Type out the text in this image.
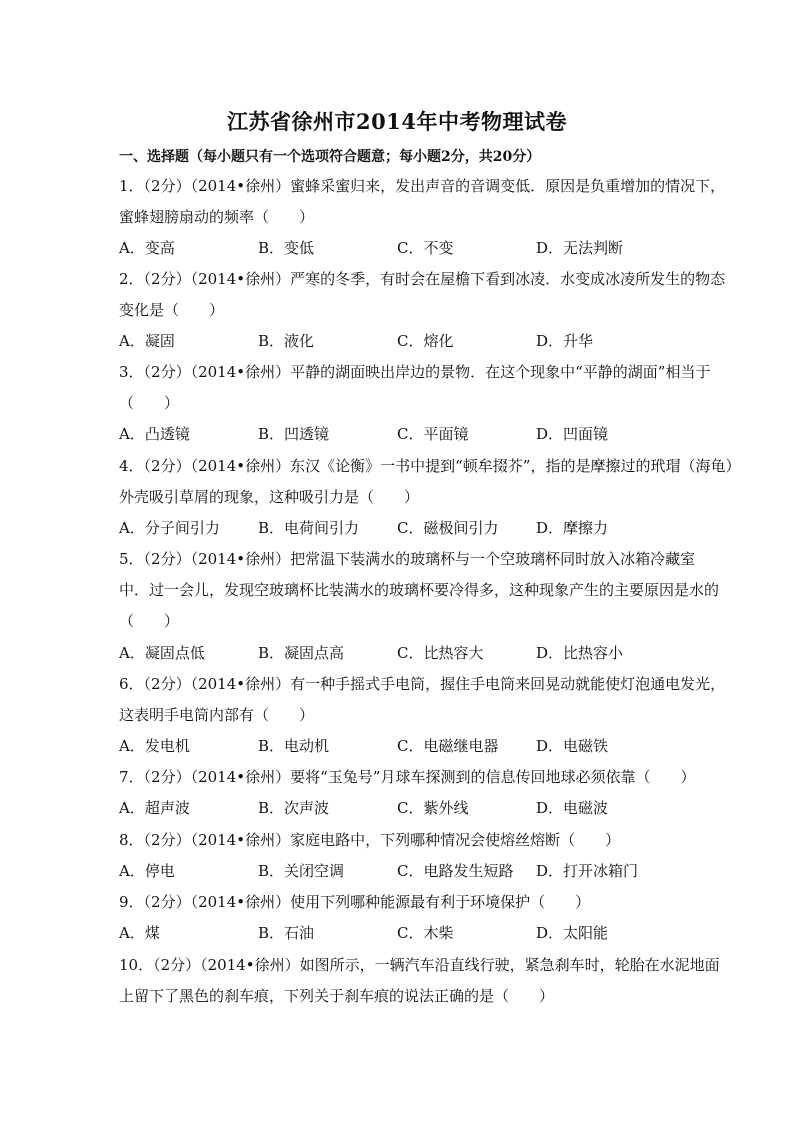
江苏省徐州市2014年中考物理试卷
一、选择题（每小题只有一个选项符合题意；每小题2分，共20分）
1．（2分）（2014•徐州）蜜蜂采蜜归来，发出声音的音调变低．原因是负重增加的情况下，
蜜蜂翅膀扇动的频率（　　）
A．变高	B．变低	C．不变	D．无法判断
2．（2分）（2014•徐州）严寒的冬季，有时会在屋檐下看到冰凌．水变成冰凌所发生的物态
变化是（　　）
A．凝固	B．液化	C．熔化	D．升华
3．（2分）（2014•徐州）平静的湖面映出岸边的景物．在这个现象中“平静的湖面”相当于
（　　）
A．凸透镜	B．凹透镜	C．平面镜	D．凹面镜
4．（2分）（2014•徐州）东汉《论衡》一书中提到“顿牟掇芥”，指的是摩擦过的玳瑁（海龟）
外壳吸引草屑的现象，这种吸引力是（　　）
A．分子间引力	B．电荷间引力	C．磁极间引力	D．摩擦力
5．（2分）（2014•徐州）把常温下装满水的玻璃杯与一个空玻璃杯同时放入冰箱冷藏室
中．过一会儿，发现空玻璃杯比装满水的玻璃杯要冷得多，这种现象产生的主要原因是水的
（　　）
A．凝固点低	B．凝固点高	C．比热容大	D．比热容小
6．（2分）（2014•徐州）有一种手摇式手电筒，握住手电筒来回晃动就能使灯泡通电发光，
这表明手电筒内部有（　　）
A．发电机	B．电动机	C．电磁继电器	D．电磁铁
7．（2分）（2014•徐州）要将“玉兔号”月球车探测到的信息传回地球必须依靠（　　）
A．超声波	B．次声波	C．紫外线	D．电磁波
8．（2分）（2014•徐州）家庭电路中，下列哪种情况会使熔丝熔断（　　）
A．停电	B．关闭空调	C．电路发生短路 D．打开冰箱门
9．（2分）（2014•徐州）使用下列哪种能源最有利于环境保护（　　）
A．煤	B．石油	C．木柴	D．太阳能
10．（2分）（2014•徐州）如图所示，一辆汽车沿直线行驶，紧急刹车时，轮胎在水泥地面
上留下了黑色的刹车痕，下列关于刹车痕的说法正确的是（　　）
